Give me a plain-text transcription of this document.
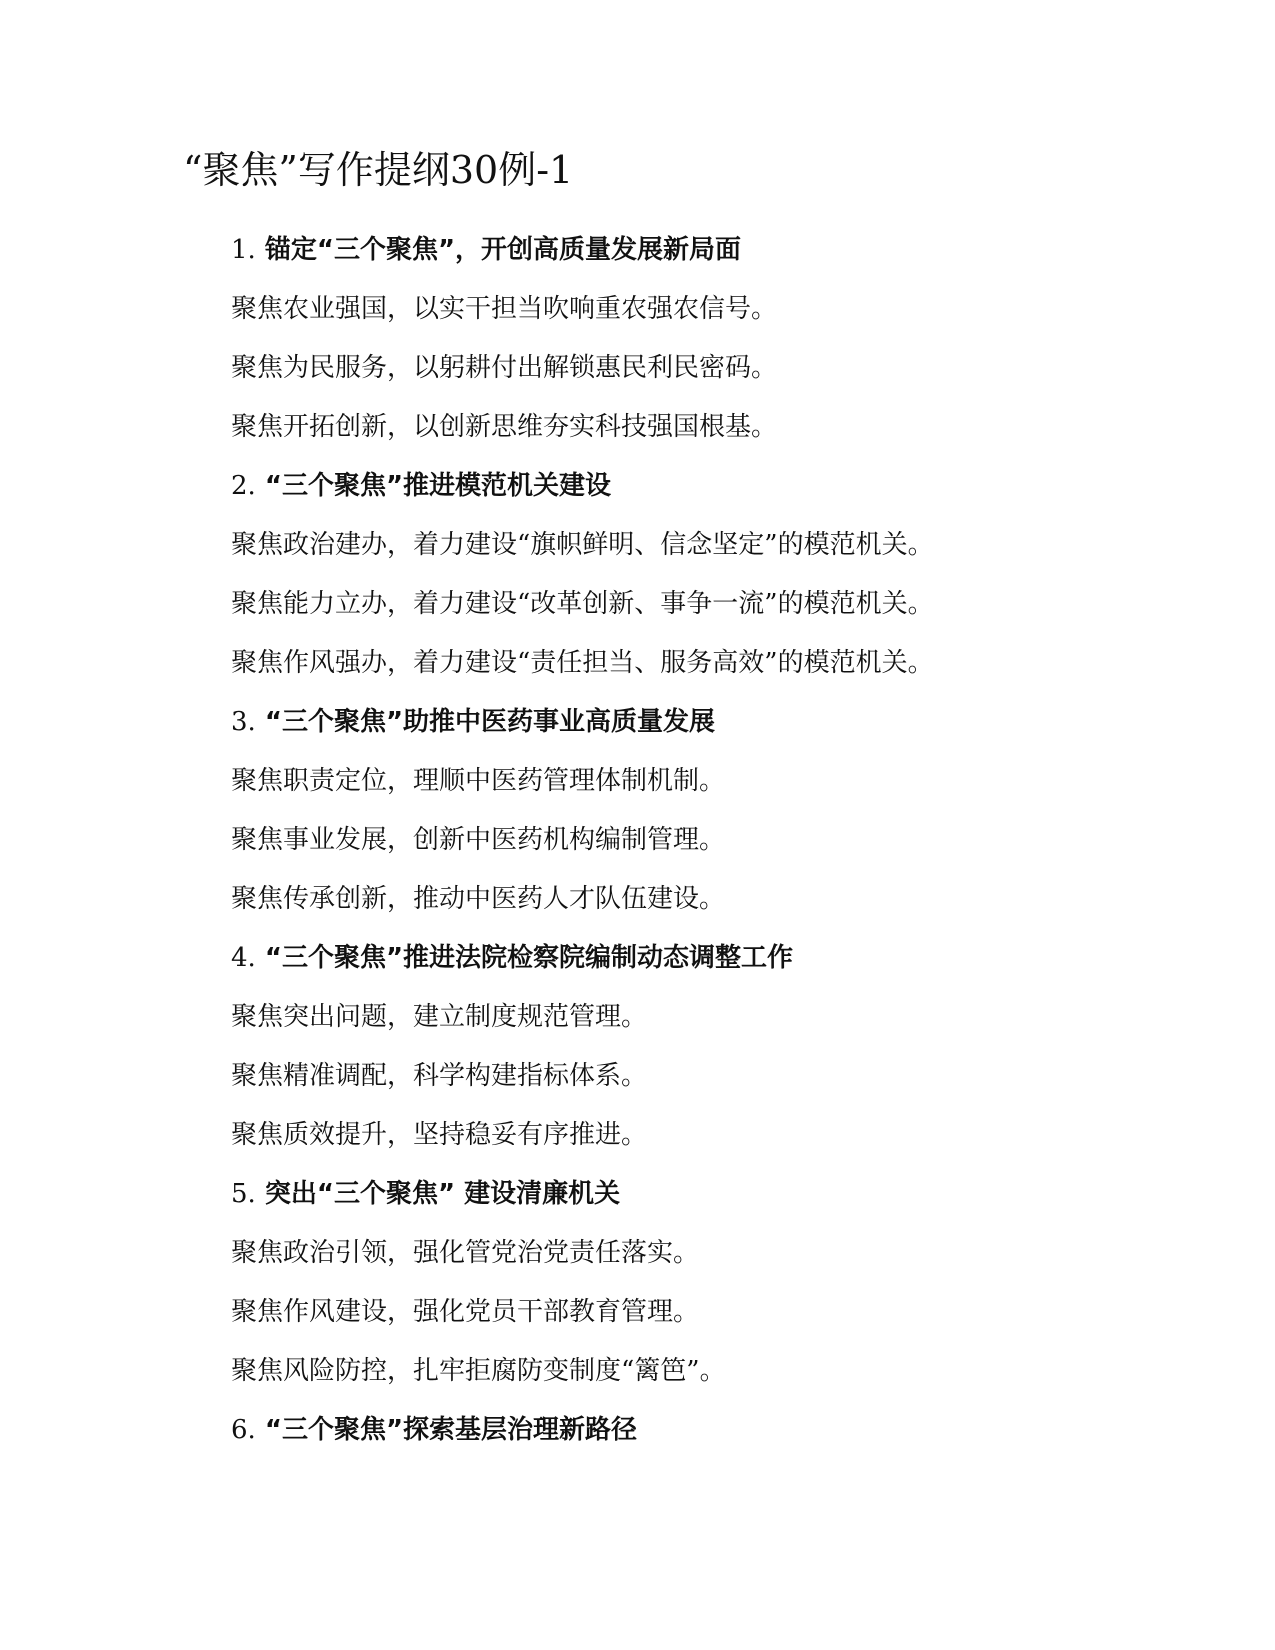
“聚焦”写作提纲30例-1
1. 锚定“三个聚焦”，开创高质量发展新局面
聚焦农业强国，以实干担当吹响重农强农信号。
聚焦为民服务，以躬耕付出解锁惠民利民密码。
聚焦开拓创新，以创新思维夯实科技强国根基。
2. “三个聚焦”推进模范机关建设
聚焦政治建办，着力建设“旗帜鲜明、信念坚定”的模范机关。
聚焦能力立办，着力建设“改革创新、事争一流”的模范机关。
聚焦作风强办，着力建设“责任担当、服务高效”的模范机关。
3. “三个聚焦”助推中医药事业高质量发展
聚焦职责定位，理顺中医药管理体制机制。
聚焦事业发展，创新中医药机构编制管理。
聚焦传承创新，推动中医药人才队伍建设。
4. “三个聚焦”推进法院检察院编制动态调整工作
聚焦突出问题，建立制度规范管理。
聚焦精准调配，科学构建指标体系。
聚焦质效提升，坚持稳妥有序推进。
5. 突出“三个聚焦” 建设清廉机关
聚焦政治引领，强化管党治党责任落实。
聚焦作风建设，强化党员干部教育管理。
聚焦风险防控，扎牢拒腐防变制度“篱笆”。
6. “三个聚焦”探索基层治理新路径
